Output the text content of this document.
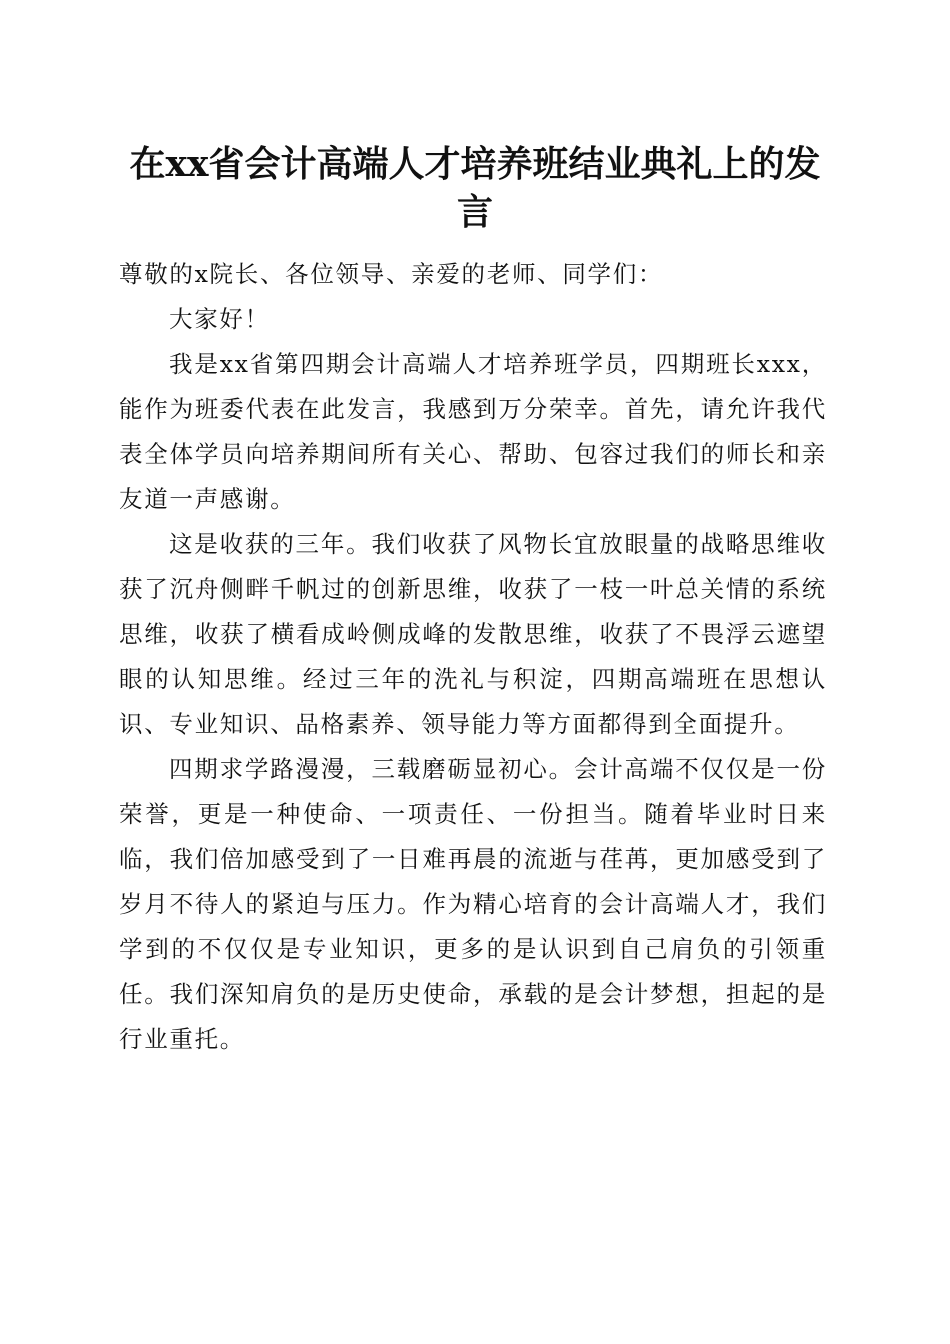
在xx省会计高端人才培养班结业典礼上的发言

尊敬的x院长、各位领导、亲爱的老师、同学们：

大家好！

我是xx省第四期会计高端人才培养班学员，四期班长xxx，能作为班委代表在此发言，我感到万分荣幸。首先，请允许我代表全体学员向培养期间所有关心、帮助、包容过我们的师长和亲友道一声感谢。

这是收获的三年。我们收获了风物长宜放眼量的战略思维收获了沉舟侧畔千帆过的创新思维，收获了一枝一叶总关情的系统思维，收获了横看成岭侧成峰的发散思维，收获了不畏浮云遮望眼的认知思维。经过三年的洗礼与积淀，四期高端班在思想认识、专业知识、品格素养、领导能力等方面都得到全面提升。

四期求学路漫漫，三载磨砺显初心。会计高端不仅仅是一份荣誉，更是一种使命、一项责任、一份担当。随着毕业时日来临，我们倍加感受到了一日难再晨的流逝与荏苒，更加感受到了岁月不待人的紧迫与压力。作为精心培育的会计高端人才，我们学到的不仅仅是专业知识，更多的是认识到自己肩负的引领重任。我们深知肩负的是历史使命，承载的是会计梦想，担起的是行业重托。
